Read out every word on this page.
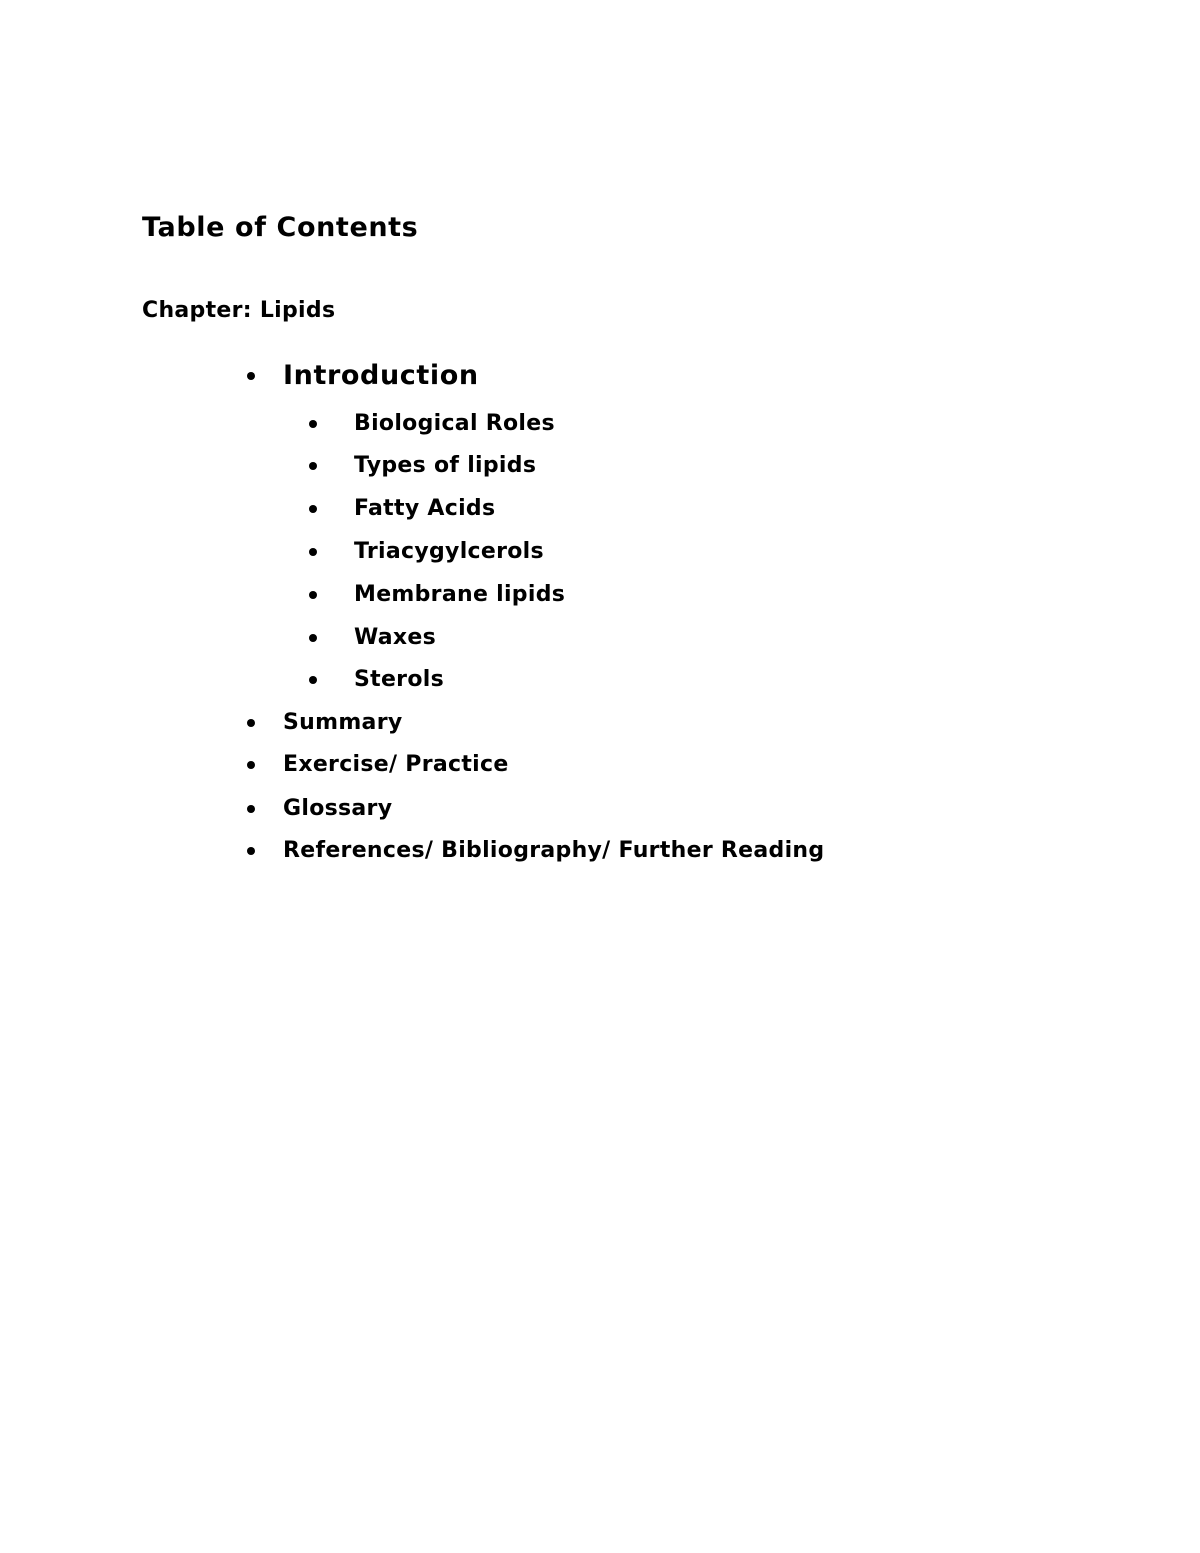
Table of Contents

Chapter: Lipids

Introduction
Biological Roles
Types of lipids
Fatty Acids
Triacygylcerols
Membrane lipids
Waxes
Sterols
Summary
Exercise/ Practice
Glossary
References/ Bibliography/ Further Reading
